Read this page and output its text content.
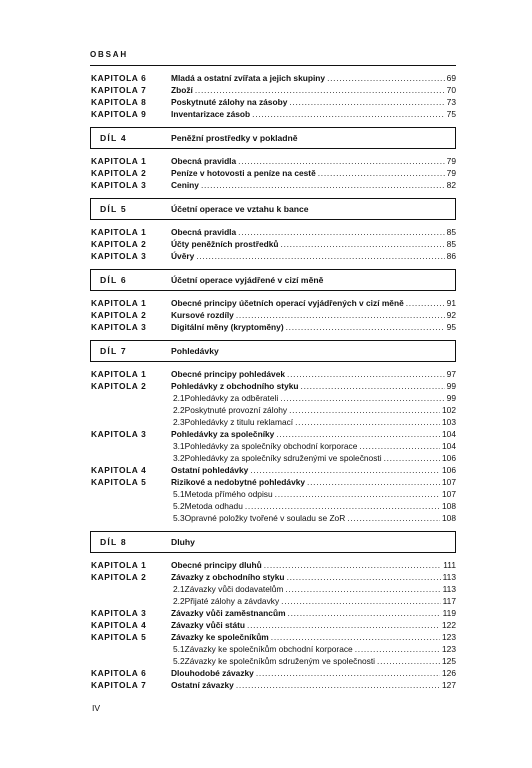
OBSAH
KAPITOLA 6	Mladá a ostatní zvířata a jejich skupiny . . .	69
KAPITOLA 7	Zboží . . .	70
KAPITOLA 8	Poskytnuté zálohy na zásoby . . .	73
KAPITOLA 9	Inventarizace zásob . . .	75
DÍL 4	Peněžní prostředky v pokladně
KAPITOLA 1	Obecná pravidla . . .	79
KAPITOLA 2	Peníze v hotovosti a peníze na cestě . . .	79
KAPITOLA 3	Ceniny . . .	82
DÍL 5	Účetní operace ve vztahu k bance
KAPITOLA 1	Obecná pravidla . . .	85
KAPITOLA 2	Účty peněžních prostředků . . .	85
KAPITOLA 3	Úvěry . . .	86
DÍL 6	Účetní operace vyjádřené v cizí měně
KAPITOLA 1	Obecné principy účetních operací vyjádřených v cizí měně . . .	91
KAPITOLA 2	Kursové rozdíly . . .	92
KAPITOLA 3	Digitální měny (kryptoměny) . . .	95
DÍL 7	Pohledávky
KAPITOLA 1	Obecné principy pohledávek . . .	97
KAPITOLA 2	Pohledávky z obchodního styku . . .	99
2.1 Pohledávky za odběrateli . . .	99
2.2 Poskytnuté provozní zálohy . . .	102
2.3 Pohledávky z titulu reklamací . . .	103
KAPITOLA 3	Pohledávky za společníky . . .	104
3.1 Pohledávky za společníky obchodní korporace . . .	104
3.2 Pohledávky za společníky sdruženými ve společnosti . . .	106
KAPITOLA 4	Ostatní pohledávky . . .	106
KAPITOLA 5	Rizikové a nedobytné pohledávky . . .	107
5.1 Metoda přímého odpisu . . .	107
5.2 Metoda odhadu . . .	108
5.3 Opravné položky tvořené v souladu se ZoR . . .	108
DÍL 8	Dluhy
KAPITOLA 1	Obecné principy dluhů . . .	111
KAPITOLA 2	Závazky z obchodního styku . . .	113
2.1 Závazky vůči dodavatelům . . .	113
2.2 Přijaté zálohy a závdavky . . .	117
KAPITOLA 3	Závazky vůči zaměstnancům . . .	119
KAPITOLA 4	Závazky vůči státu . . .	122
KAPITOLA 5	Závazky ke společníkům . . .	123
5.1 Závazky ke společníkům obchodní korporace . . .	123
5.2 Závazky ke společníkům sdruženým ve společnosti . . .	125
KAPITOLA 6	Dlouhodobé závazky . . .	126
KAPITOLA 7	Ostatní závazky . . .	127
IV
